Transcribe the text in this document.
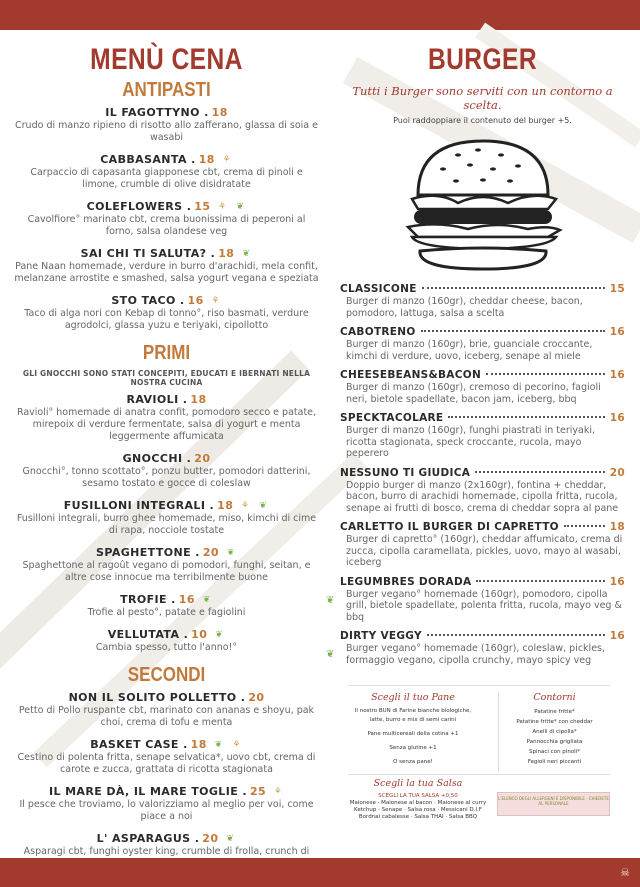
MENÙ CENA
ANTIPASTI
IL FAGOTTYNO . 18
Crudo di manzo ripieno di risotto allo zafferano, glassa di soia e wasabi
CABBASANTA . 18 ⚘
Carpaccio di capasanta giapponese cbt, crema di pinoli e limone, crumble di olive disidratate
COLEFLOWERS . 15 ⚘ ❦
Cavolfiore° marinato cbt, crema buonissima di peperoni al forno, salsa olandese veg
SAI CHI TI SALUTA? . 18 ❦
Pane Naan homemade, verdure in burro d'arachidi, mela confit, melanzane arrostite e smashed, salsa yogurt vegana e speziata
STO TACO . 16 ⚘
Taco di alga nori con Kebap di tonno°, riso basmati, verdure agrodolci, glassa yuzu e teriyaki, cipollotto
PRIMI
GLI GNOCCHI SONO STATI CONCEPITI, EDUCATI E IBERNATI NELLA NOSTRA CUCINA
RAVIOLI . 18
Ravioli° homemade di anatra confit, pomodoro secco e patate, mirepoix di verdure fermentate, salsa di yogurt e menta leggermente affumicata
GNOCCHI . 20
Gnocchi°, tonno scottato°, ponzu butter, pomodori datterini, sesamo tostato e gocce di coleslaw
FUSILLONI INTEGRALI . 18 ⚘ ❦
Fusilloni integrali, burro ghee homemade, miso, kimchi di cime di rapa, nocciole tostate
SPAGHETTONE . 20 ❦
Spaghettone al ragoût vegano di pomodori, funghi, seitan, e altre cose innocue ma terribilmente buone
TROFIE . 16 ❦
Trofie al pesto°, patate e fagiolini
VELLUTATA . 10 ❦
Cambia spesso, tutto l'anno!°
SECONDI
NON IL SOLITO POLLETTO . 20
Petto di Pollo ruspante cbt, marinato con ananas e shoyu, pak choi, crema di tofu e menta
BASKET CASE . 18 ❦ ⚘
Cestino di polenta fritta, senape selvatica*, uovo cbt, crema di carote e zucca, grattata di ricotta stagionata
IL MARE DÀ, IL MARE TOGLIE . 25 ⚘
Il pesce che troviamo, lo valorizziamo al meglio per voi, come piace a noi
L' ASPARAGUS . 20 ❦
Asparagi cbt, funghi oyster king, crumble di frolla, crunch di
BURGER
Tutti i Burger sono serviti con un contorno a scelta.
Puoi raddoppiare il contenuto del burger +5.
CLASSICONE	15
Burger di manzo (160gr), cheddar cheese, bacon, pomodoro, lattuga, salsa a scelta
CABOTRENO	16
Burger di manzo (160gr), brie, guanciale croccante, kimchi di verdure, uovo, iceberg, senape al miele
CHEESEBEANS&BACON	16
Burger di manzo (160gr), cremoso di pecorino, fagioli neri, bietole spadellate, bacon jam, iceberg, bbq
SPECKTACOLARE	16
Burger di manzo (160gr), funghi piastrati in teriyaki, ricotta stagionata, speck croccante, rucola, mayo peperero
NESSUNO TI GIUDICA	20
Doppio burger di manzo (2x160gr), fontina + cheddar, bacon, burro di arachidi homemade, cipolla fritta, rucola, senape ai frutti di bosco, crema di cheddar sopra al pane
CARLETTO IL BURGER DI CAPRETTO	18
Burger di capretto° (160gr), cheddar affumicato, crema di zucca, cipolla caramellata, pickles, uovo, mayo al wasabi, iceberg
LEGUMBRES DORADA	16
❦
Burger vegano° homemade (160gr), pomodoro, cipolla grill, bietole spadellate, polenta fritta, rucola, mayo veg & bbq
DIRTY VEGGY	16
❦
Burger vegano° homemade (160gr), coleslaw, pickles, formaggio vegano, cipolla crunchy, mayo spicy veg
Scegli il tuo Pane
Il nostro BUN di Farine bianche biologiche,
latte, burro e mix di semi carini
Pane multicereali della cotina +1
Senza glutine +1
O senza pane!
Contorni
Patatine fritte*
Patatine fritte* con cheddar
Anelli di cipolla*
Pannocchia grigliata
Spinaci con pinoli*
Fagioli neri piccanti
Scegli la tua Salsa
SCEGLI LA TUA SALSA +0,50
Maionese · Maionese al bacon · Maionese al curry
Ketchup · Senape · Salsa rosa · Messicani D.I.F
Bordnai cabalesse · Salsa THAI · Salsa BBQ
L'ELENCO DEGLI ALLERGENI È DISPONIBILE · CHIEDETE AL PERSONALE
☠
